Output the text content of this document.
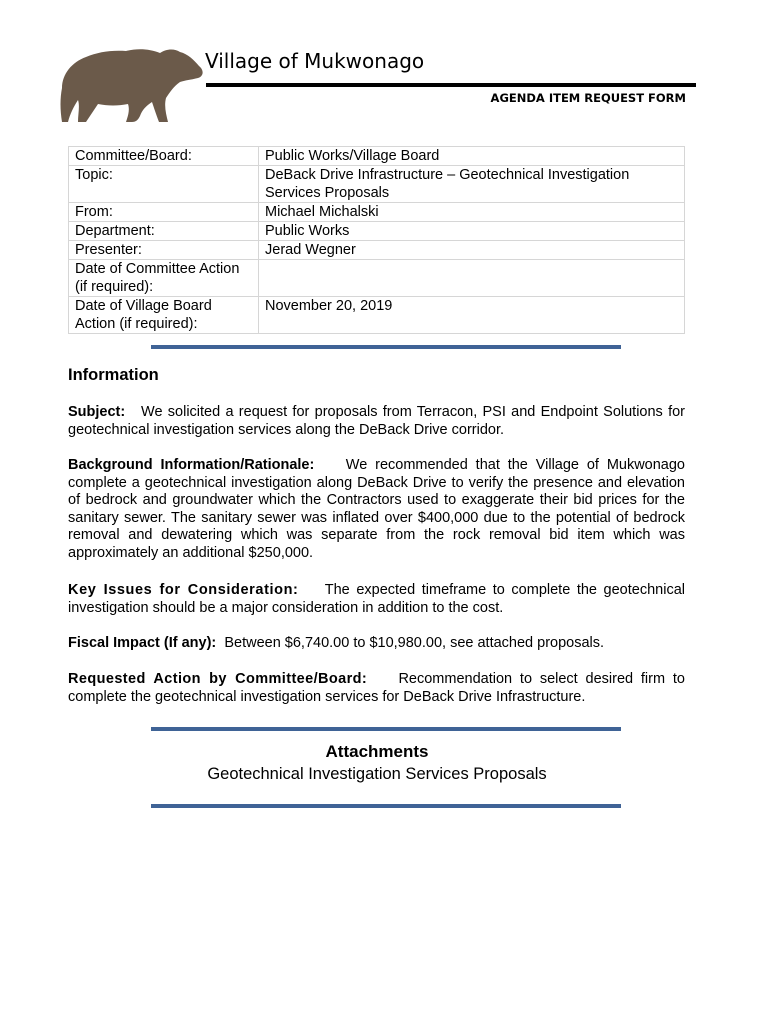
Village of Mukwonago
AGENDA ITEM REQUEST FORM
Committee/Board:	Public Works/Village Board
Topic:	DeBack Drive Infrastructure – Geotechnical Investigation Services Proposals
From:	Michael Michalski
Department:	Public Works
Presenter:	Jerad Wegner
Date of Committee Action (if required):	
Date of Village Board Action (if required):	November 20, 2019
Information
Subject: We solicited a request for proposals from Terracon, PSI and Endpoint Solutions for geotechnical investigation services along the DeBack Drive corridor.
Background Information/Rationale: We recommended that the Village of Mukwonago complete a geotechnical investigation along DeBack Drive to verify the presence and elevation of bedrock and groundwater which the Contractors used to exaggerate their bid prices for the sanitary sewer. The sanitary sewer was inflated over $400,000 due to the potential of bedrock removal and dewatering which was separate from the rock removal bid item which was approximately an additional $250,000.
Key Issues for Consideration: The expected timeframe to complete the geotechnical investigation should be a major consideration in addition to the cost.
Fiscal Impact (If any): Between $6,740.00 to $10,980.00, see attached proposals.
Requested Action by Committee/Board: Recommendation to select desired firm to complete the geotechnical investigation services for DeBack Drive Infrastructure.
Attachments
Geotechnical Investigation Services Proposals
